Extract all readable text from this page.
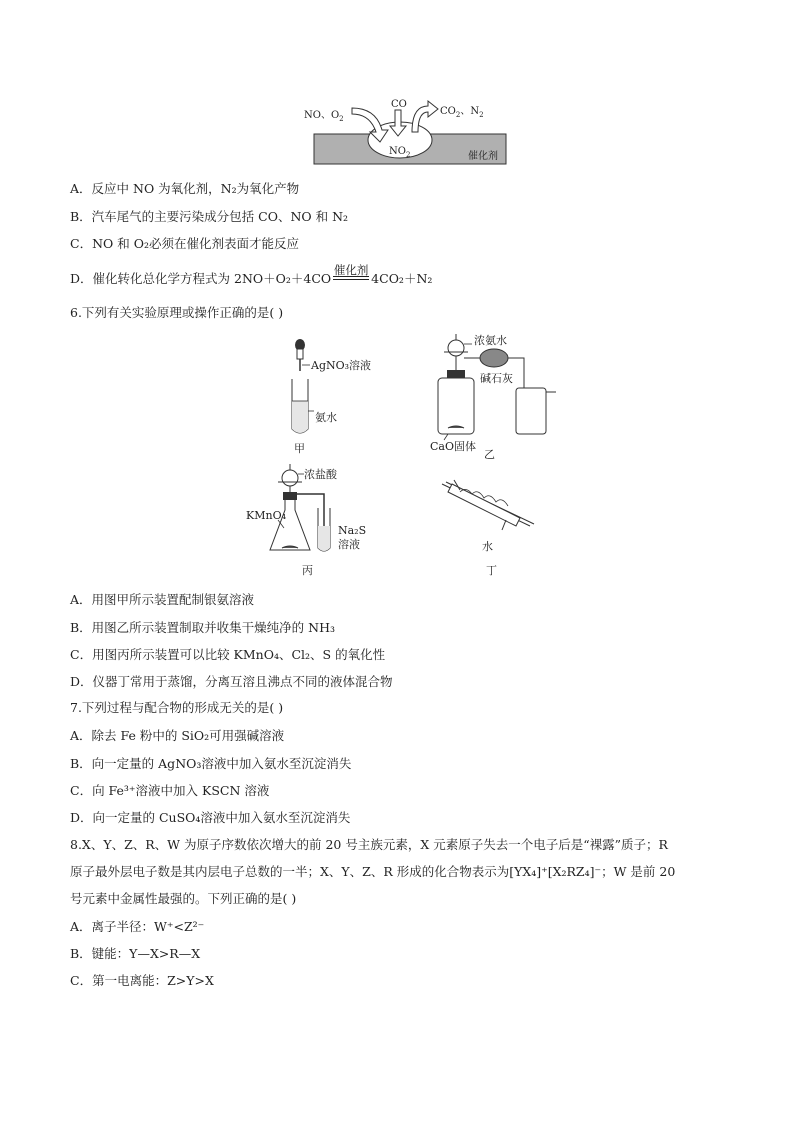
NO、$O_2$
CO
$CO_2$、$N_2$
$NO_2$	催化剂
A．反应中 NO 为氧化剂，N₂为氧化产物
B．汽车尾气的主要污染成分包括 CO、NO 和 N₂
C．NO 和 O₂必须在催化剂表面才能反应
D．催化转化总化学方程式为 2NO＋O₂＋4CO
催化剂
4CO₂＋N₂
6.下列有关实验原理或操作正确的是( )
AgNO₃溶液
氨水
甲
浓氨水
碱石灰
CaO固体
乙
浓盐酸
KMnO₄
Na₂S
溶液
丙
水
丁
A．用图甲所示装置配制银氨溶液
B．用图乙所示装置制取并收集干燥纯净的 NH₃
C．用图丙所示装置可以比较 KMnO₄、Cl₂、S 的氧化性
D．仪器丁常用于蒸馏，分离互溶且沸点不同的液体混合物
7.下列过程与配合物的形成无关的是( )
A．除去 Fe 粉中的 SiO₂可用强碱溶液
B．向一定量的 AgNO₃溶液中加入氨水至沉淀消失
C．向 Fe³⁺溶液中加入 KSCN 溶液
D．向一定量的 CuSO₄溶液中加入氨水至沉淀消失
8.X、Y、Z、R、W 为原子序数依次增大的前 20 号主族元素，X 元素原子失去一个电子后是“裸露”质子；R
原子最外层电子数是其内层电子总数的一半；X、Y、Z、R 形成的化合物表示为[YX₄]⁺[X₂RZ₄]⁻；W 是前 20
号元素中金属性最强的。下列正确的是( )
A．离子半径：W⁺<Z²⁻
B．键能：Y—X>R—X
C．第一电离能：Z>Y>X
